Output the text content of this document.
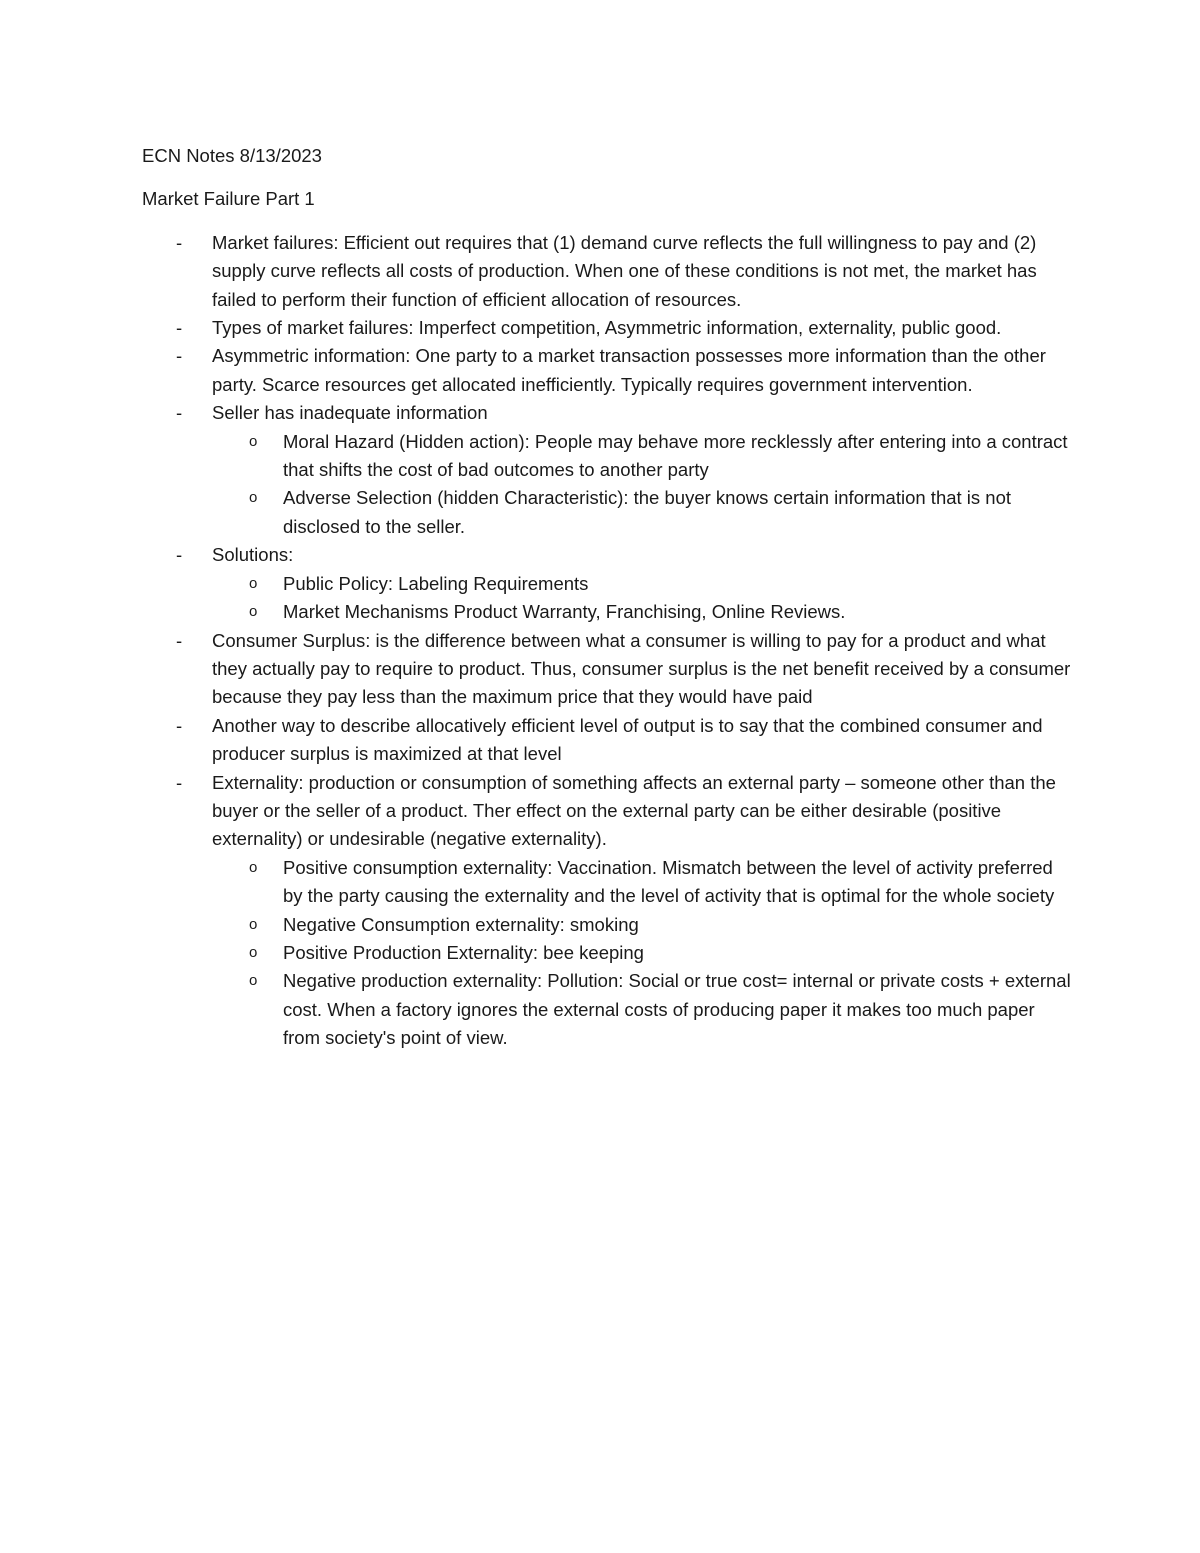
ECN Notes 8/13/2023

Market Failure Part 1

- Market failures: Efficient out requires that (1) demand curve reflects the full willingness to pay and (2) supply curve reflects all costs of production. When one of these conditions is not met, the market has failed to perform their function of efficient allocation of resources.
- Types of market failures: Imperfect competition, Asymmetric information, externality, public good.
- Asymmetric information: One party to a market transaction possesses more information than the other party. Scarce resources get allocated inefficiently. Typically requires government intervention.
- Seller has inadequate information
o Moral Hazard (Hidden action): People may behave more recklessly after entering into a contract that shifts the cost of bad outcomes to another party
o Adverse Selection (hidden Characteristic): the buyer knows certain information that is not disclosed to the seller.
- Solutions:
o Public Policy: Labeling Requirements
o Market Mechanisms Product Warranty, Franchising, Online Reviews.
- Consumer Surplus: is the difference between what a consumer is willing to pay for a product and what they actually pay to require to product. Thus, consumer surplus is the net benefit received by a consumer because they pay less than the maximum price that they would have paid
- Another way to describe allocatively efficient level of output is to say that the combined consumer and producer surplus is maximized at that level
- Externality: production or consumption of something affects an external party – someone other than the buyer or the seller of a product. Ther effect on the external party can be either desirable (positive externality) or undesirable (negative externality).
o Positive consumption externality: Vaccination. Mismatch between the level of activity preferred by the party causing the externality and the level of activity that is optimal for the whole society
o Negative Consumption externality: smoking
o Positive Production Externality: bee keeping
o Negative production externality: Pollution: Social or true cost= internal or private costs + external cost. When a factory ignores the external costs of producing paper it makes too much paper from society's point of view.
